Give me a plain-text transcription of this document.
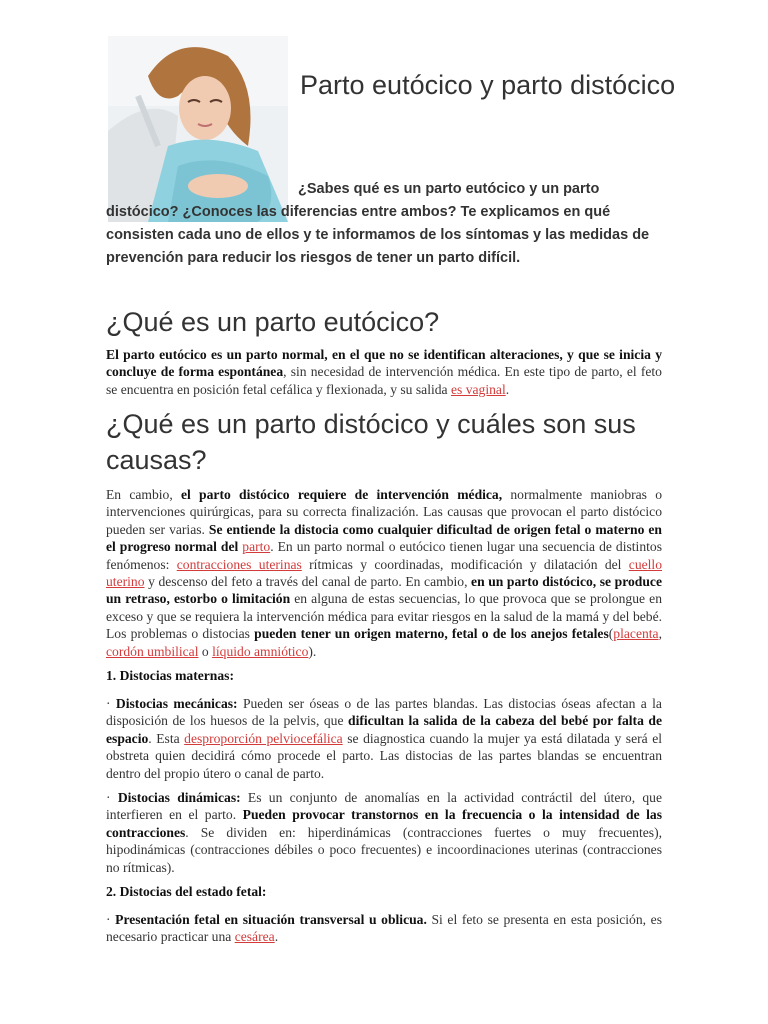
Parto eutócico y parto distócico

¿Sabes qué es un parto eutócico y un parto distócico? ¿Conoces las diferencias entre ambos? Te explicamos en qué consisten cada uno de ellos y te informamos de los síntomas y las medidas de prevención para reducir los riesgos de tener un parto difícil.

¿Qué es un parto eutócico?

El parto eutócico es un parto normal, en el que no se identifican alteraciones, y que se inicia y concluye de forma espontánea, sin necesidad de intervención médica. En este tipo de parto, el feto se encuentra en posición fetal cefálica y flexionada, y su salida es vaginal.

¿Qué es un parto distócico y cuáles son sus causas?

En cambio, el parto distócico requiere de intervención médica, normalmente maniobras o intervenciones quirúrgicas, para su correcta finalización. Las causas que provocan el parto distócico pueden ser varias. Se entiende la distocia como cualquier dificultad de origen fetal o materno en el progreso normal del parto. En un parto normal o eutócico tienen lugar una secuencia de distintos fenómenos: contracciones uterinas rítmicas y coordinadas, modificación y dilatación del cuello uterino y descenso del feto a través del canal de parto. En cambio, en un parto distócico, se produce un retraso, estorbo o limitación en alguna de estas secuencias, lo que provoca que se prolongue en exceso y que se requiera la intervención médica para evitar riesgos en la salud de la mamá y del bebé. Los problemas o distocias pueden tener un origen materno, fetal o de los anejos fetales(placenta, cordón umbilical o líquido amniótico).

1. Distocias maternas:

· Distocias mecánicas: Pueden ser óseas o de las partes blandas. Las distocias óseas afectan a la disposición de los huesos de la pelvis, que dificultan la salida de la cabeza del bebé por falta de espacio. Esta desproporción pelviocefálica se diagnostica cuando la mujer ya está dilatada y será el obstreta quien decidirá cómo procede el parto. Las distocias de las partes blandas se encuentran dentro del propio útero o canal de parto.

· Distocias dinámicas: Es un conjunto de anomalías en la actividad contráctil del útero, que interfieren en el parto. Pueden provocar transtornos en la frecuencia o la intensidad de las contracciones. Se dividen en: hiperdinámicas (contracciones fuertes o muy frecuentes), hipodinámicas (contracciones débiles o poco frecuentes) e incoordinaciones uterinas (contracciones no rítmicas).

2. Distocias del estado fetal:

· Presentación fetal en situación transversal u oblicua. Si el feto se presenta en esta posición, es necesario practicar una cesárea.
